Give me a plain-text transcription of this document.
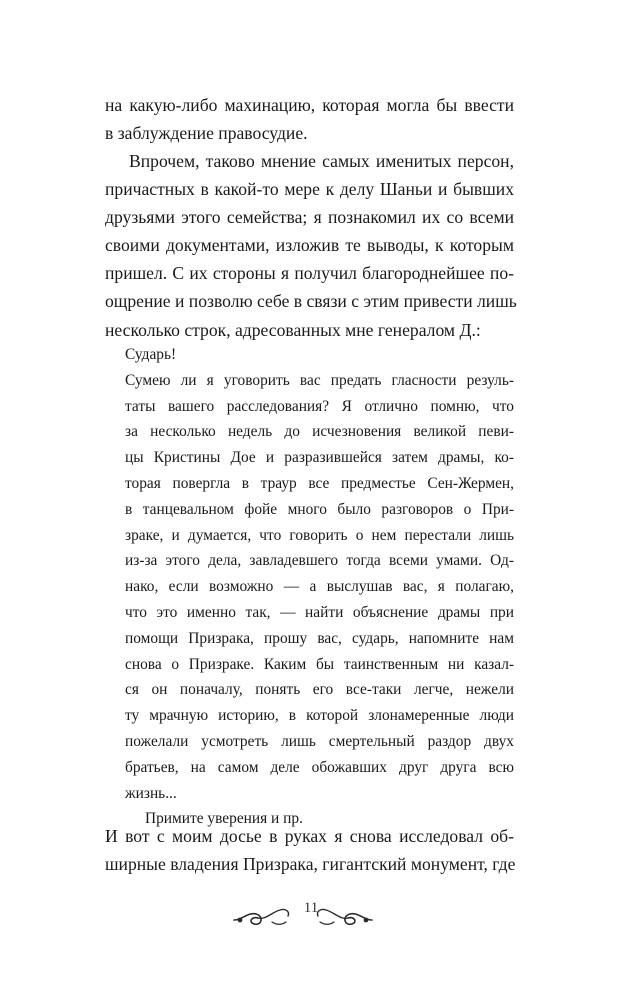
на какую-либо махинацию, которая могла бы ввести
в заблуждение правосудие.
Впрочем, таково мнение самых именитых персон,
причастных в какой-то мере к делу Шаньи и бывших
друзьями этого семейства; я познакомил их со всеми
своими документами, изложив те выводы, к которым
пришел. С их стороны я получил благороднейшее по-
ощрение и позволю себе в связи с этим привести лишь
несколько строк, адресованных мне генералом Д.:
Сударь!
Сумею ли я уговорить вас предать гласности резуль-
таты вашего расследования? Я отлично помню, что
за несколько недель до исчезновения великой певи-
цы Кристины Дое и разразившейся затем драмы, ко-
торая повергла в траур все предместье Сен-Жермен,
в танцевальном фойе много было разговоров о При-
зраке, и думается, что говорить о нем перестали лишь
из-за этого дела, завладевшего тогда всеми умами. Од-
нако, если возможно — а выслушав вас, я полагаю,
что это именно так, — найти объяснение драмы при
помощи Призрака, прошу вас, сударь, напомните нам
снова о Призраке. Каким бы таинственным ни казал-
ся он поначалу, понять его все-таки легче, нежели
ту мрачную историю, в которой злонамеренные люди
пожелали усмотреть лишь смертельный раздор двух
братьев, на самом деле обожавших друг друга всю
жизнь...
Примите уверения и пр.
И вот с моим досье в руках я снова исследовал об-
ширные владения Призрака, гигантский монумент, где
11
